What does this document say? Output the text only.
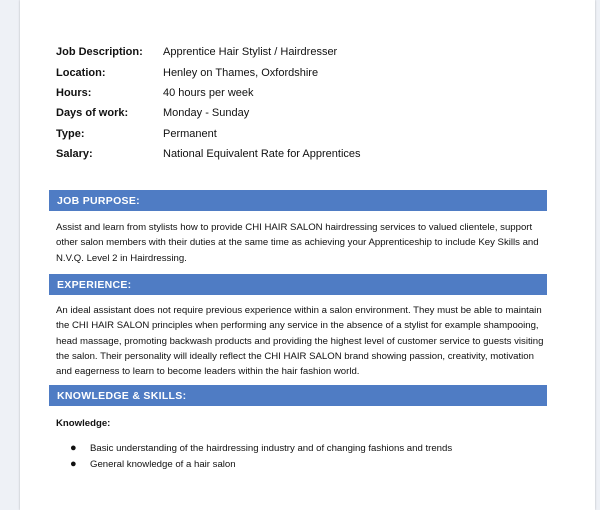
Job Description:	Apprentice Hair Stylist / Hairdresser
Location:	Henley on Thames, Oxfordshire
Hours:	40 hours per week
Days of work:	Monday - Sunday
Type:	Permanent
Salary:	National Equivalent Rate for Apprentices
JOB PURPOSE:
Assist and learn from stylists how to provide CHI HAIR SALON hairdressing services to valued clientele, support other salon members with their duties at the same time as achieving your Apprenticeship to include Key Skills and N.V.Q. Level 2 in Hairdressing.
EXPERIENCE:
An ideal assistant does not require previous experience within a salon environment. They must be able to maintain the CHI HAIR SALON principles when performing any service in the absence of a stylist for example shampooing, head massage, promoting backwash products and providing the highest level of customer service to guests visiting the salon. Their personality will ideally reflect the CHI HAIR SALON brand showing passion, creativity, motivation and eagerness to learn to become leaders within the hair fashion world.
KNOWLEDGE & SKILLS:
Knowledge:
●	Basic understanding of the hairdressing industry and of changing fashions and trends
●	General knowledge of a hair salon
